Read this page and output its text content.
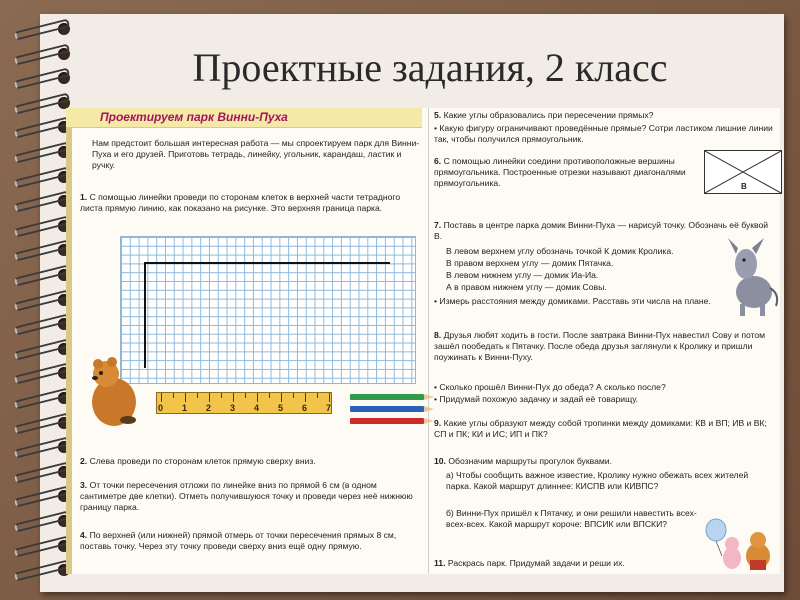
Проектные задания, 2 класс
Проектируем парк Винни-Пуха
Нам предстоит большая интересная работа — мы спроектируем парк для Винни-Пуха и его друзей. Приготовь тетрадь, линейку, угольник, карандаш, ластик и ручку.
1. С помощью линейки проведи по сторонам клеток в верхней части тетрадного листа прямую линию, как показано на рисунке. Это верхняя граница парка.
0 1 2 3 4 5 6 7
2. Слева проведи по сторонам клеток прямую сверху вниз.
3. От точки пересечения отложи по линейке вниз по прямой 6 см (в одном сантиметре две клетки). Отметь получившуюся точку и проведи через неё нижнюю границу парка.
4. По верхней (или нижней) прямой отмерь от точки пересечения прямых 8 см, поставь точку. Через эту точку проведи сверху вниз ещё одну прямую.
5. Какие углы образовались при пересечении прямых?
• Какую фигуру ограничивают проведённые прямые? Сотри ластиком лишние линии так, чтобы получился прямоугольник.
6. С помощью линейки соедини противоположные вершины прямоугольника. Построенные отрезки называют диагоналями прямоугольника.	В
7. Поставь в центре парка домик Винни-Пуха — нарисуй точку. Обозначь её буквой В.
В левом верхнем углу обозначь точкой К домик Кролика.
В правом верхнем углу — домик Пятачка.
В левом нижнем углу — домик Иа-Иа.
А в правом нижнем углу — домик Совы.
• Измерь расстояния между домиками. Расставь эти числа на плане.
8. Друзья любят ходить в гости. После завтрака Винни-Пух навестил Сову и потом зашёл пообедать к Пятачку. После обеда друзья заглянули к Кролику и пришли поужинать к Винни-Пуху.
• Сколько прошёл Винни-Пух до обеда? А сколько после?
• Придумай похожую задачку и задай её товарищу.
9. Какие углы образуют между собой тропинки между домиками: КВ и ВП; ИВ и ВК; СП и ПК; КИ и ИС; ИП и ПК?
10. Обозначим маршруты прогулок буквами.
а) Чтобы сообщить важное известие, Кролику нужно обежать всех жителей парка. Какой маршрут длиннее: КИСПВ или КИВПС?
б) Винни-Пух пришёл к Пятачку, и они решили навестить всех-всех-всех. Какой маршрут короче: ВПСИК или ВПСКИ?
11. Раскрась парк. Придумай задачи и реши их.
